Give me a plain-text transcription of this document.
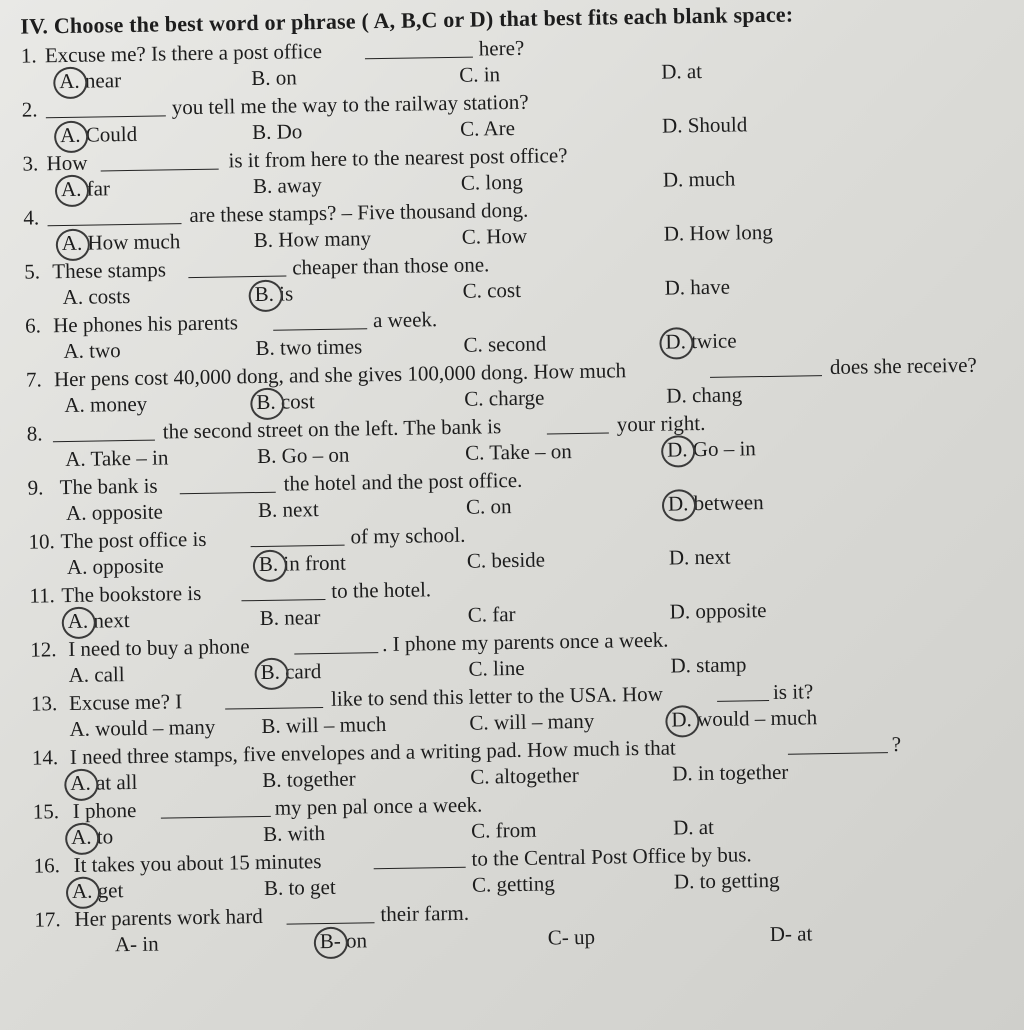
IV. Choose the best word or phrase ( A, B,C or D) that best fits each blank space:
1. Excuse me? Is there a post office	here?
A. near	B. on	C. in	D. at
2.	you tell me the way to the railway station?
A. Could	B. Do	C. Are	D. Should
3. How	is it from here to the nearest post office?
A. far	B. away	C. long	D. much
4.	are these stamps? – Five thousand dong.
A. How much	B. How many	C. How	D. How long
5. These stamps	cheaper than those one.
A. costs	B. is	C. cost	D. have
6. He phones his parents	a week.
A. two	B. two times	C. second	D. twice
7. Her pens cost 40,000 dong, and she gives 100,000 dong. How much	does she receive?
A. money	B. cost	C. charge	D. chang
8.	the second street on the left. The bank is	your right.
A. Take – in	B. Go – on	C. Take – on	D. Go – in
9. The bank is	the hotel and the post office.
A. opposite	B. next	C. on	D. between
10. The post office is	of my school.
A. opposite	B. in front	C. beside	D. next
11. The bookstore is	to the hotel.
A. next	B. near	C. far	D. opposite
12. I need to buy a phone	. I phone my parents once a week.
A. call	B. card	C. line	D. stamp
13. Excuse me? I	like to send this letter to the USA. How	is it?
A. would – many B. will – much	C. will – many	D. would – much
14. I need three stamps, five envelopes and a writing pad. How much is that	?
A. at all	B. together	C. altogether	D. in together
15. I phone	my pen pal once a week.
A. to	B. with	C. from	D. at
16. It takes you about 15 minutes	to the Central Post Office by bus.
A. get	B. to get	C. getting	D. to getting
17. Her parents work hard	their farm.
A- in	B- on	C- up	D- at
